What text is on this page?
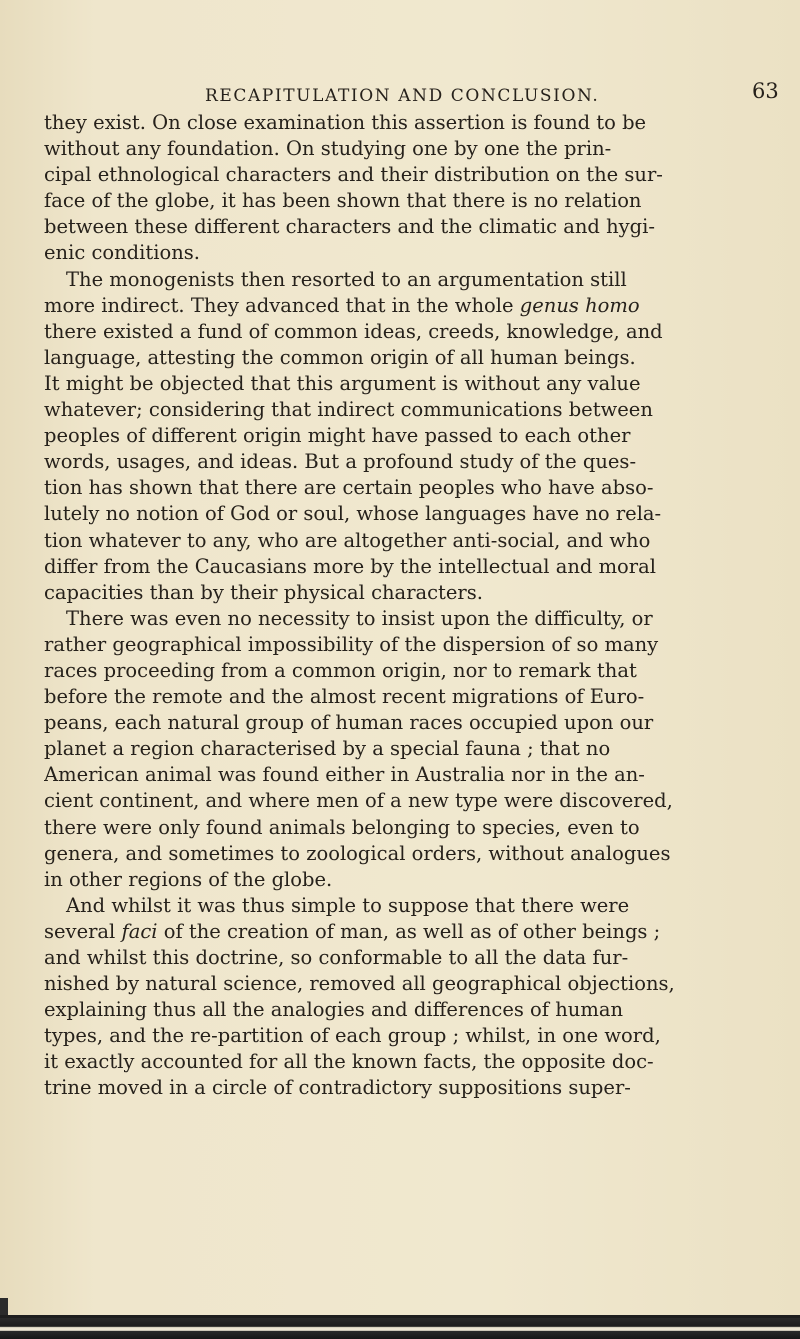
RECAPITULATION AND CONCLUSION.	63
they exist. On close examination this assertion is found to be
without any foundation. On studying one by one the prin-
cipal ethnological characters and their distribution on the sur-
face of the globe, it has been shown that there is no relation
between these different characters and the climatic and hygi-
enic conditions.
The monogenists then resorted to an argumentation still
more indirect. They advanced that in the whole genus homo
there existed a fund of common ideas, creeds, knowledge, and
language, attesting the common origin of all human beings.
It might be objected that this argument is without any value
whatever; considering that indirect communications between
peoples of different origin might have passed to each other
words, usages, and ideas. But a profound study of the ques-
tion has shown that there are certain peoples who have abso-
lutely no notion of God or soul, whose languages have no rela-
tion whatever to any, who are altogether anti-social, and who
differ from the Caucasians more by the intellectual and moral
capacities than by their physical characters.
There was even no necessity to insist upon the difficulty, or
rather geographical impossibility of the dispersion of so many
races proceeding from a common origin, nor to remark that
before the remote and the almost recent migrations of Euro-
peans, each natural group of human races occupied upon our
planet a region characterised by a special fauna ; that no
American animal was found either in Australia nor in the an-
cient continent, and where men of a new type were discovered,
there were only found animals belonging to species, even to
genera, and sometimes to zoological orders, without analogues
in other regions of the globe.
And whilst it was thus simple to suppose that there were
several faci of the creation of man, as well as of other beings ;
and whilst this doctrine, so conformable to all the data fur-
nished by natural science, removed all geographical objections,
explaining thus all the analogies and differences of human
types, and the re-partition of each group ; whilst, in one word,
it exactly accounted for all the known facts, the opposite doc-
trine moved in a circle of contradictory suppositions super-
